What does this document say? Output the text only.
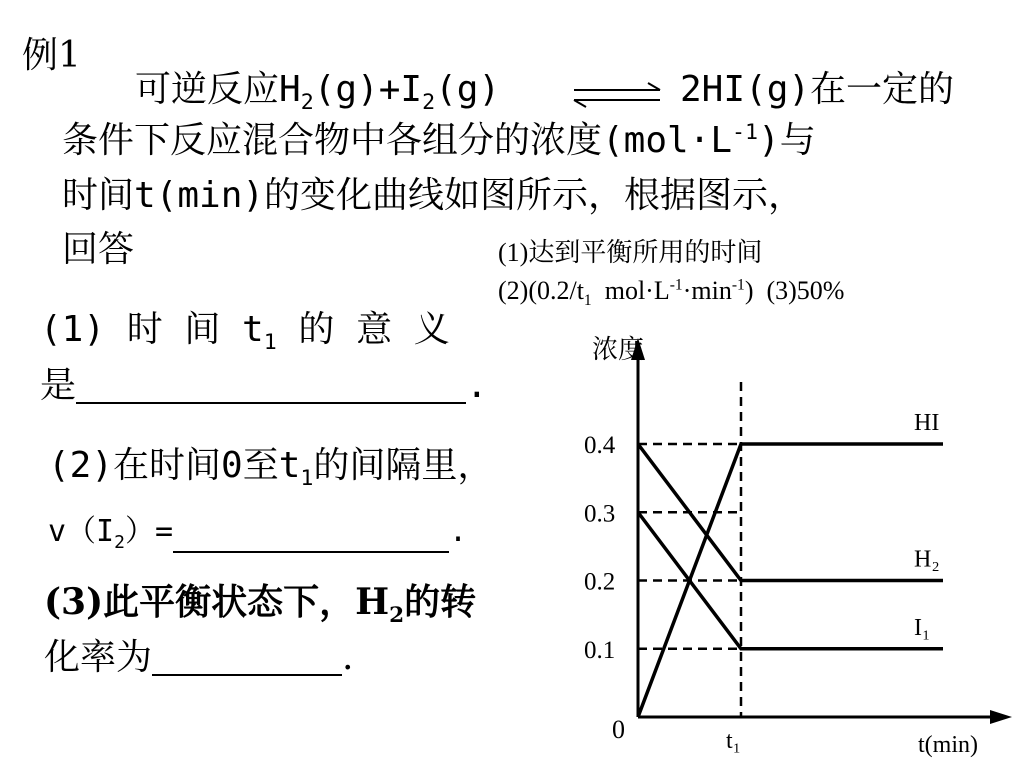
例1
可逆反应$H_2(g)+I_2(g)$	2HI(g)在一定的
条件下反应混合物中各组分的浓度$(mol\cdot L^{-1})$与
时间t(min)的变化曲线如图所示，根据图示，
回答	(1)达到平衡所用的时间
$(2)(0.2/t_1$  $mol\cdot L^{-1}\cdot\min^{-1}$)  (3)50%
(1) 时 间 $t_1$ 的 意 义
是	.
(2)在时间0至$t_1$的间隔里，
$v(I_2)=$	.
(3)此平衡状态下，$H_2$的转
化率为	.
HI
H₂
I₁
0.1
0.2
0.3
0.4
浓度
t(min)
0	t₁
